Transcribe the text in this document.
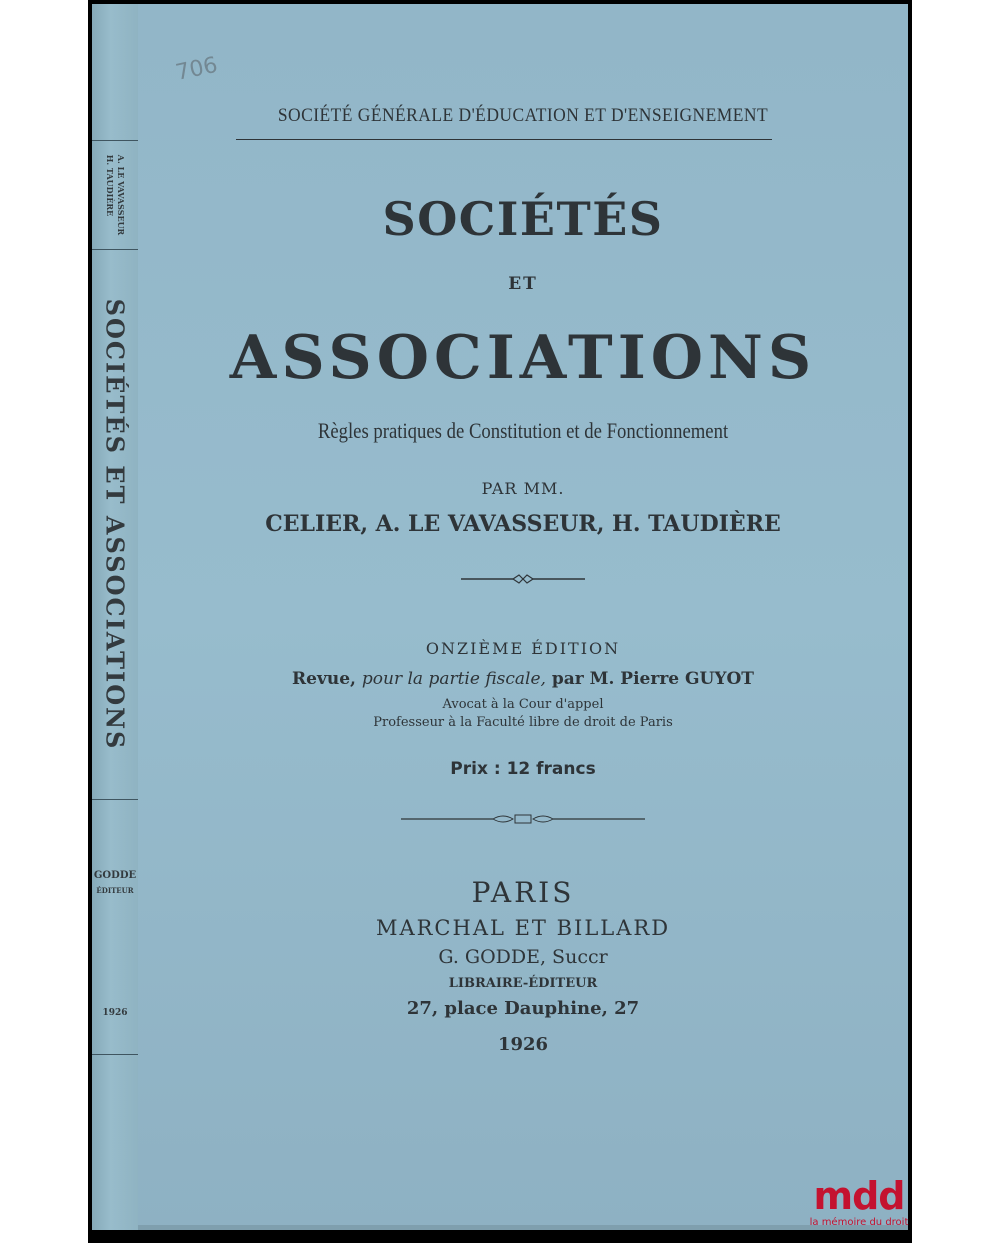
A. LE VAVASSEUR
H. TAUDIÈRE
SOCIÉTÉS ET ASSOCIATIONS
GODDE
ÉDITEUR
1926
706
SOCIÉTÉ GÉNÉRALE D'ÉDUCATION ET D'ENSEIGNEMENT
SOCIÉTÉS
ET
ASSOCIATIONS
Règles pratiques de Constitution et de Fonctionnement
PAR MM.
CELIER, A. LE VAVASSEUR, H. TAUDIÈRE
ONZIÈME ÉDITION
Revue, pour la partie fiscale, par M. Pierre GUYOT
Avocat à la Cour d'appel
Professeur à la Faculté libre de droit de Paris
Prix : 12 francs
PARIS
MARCHAL ET BILLARD
G. GODDE, Succr
LIBRAIRE-ÉDITEUR
27, place Dauphine, 27
1926
mdd
la mémoire du droit
